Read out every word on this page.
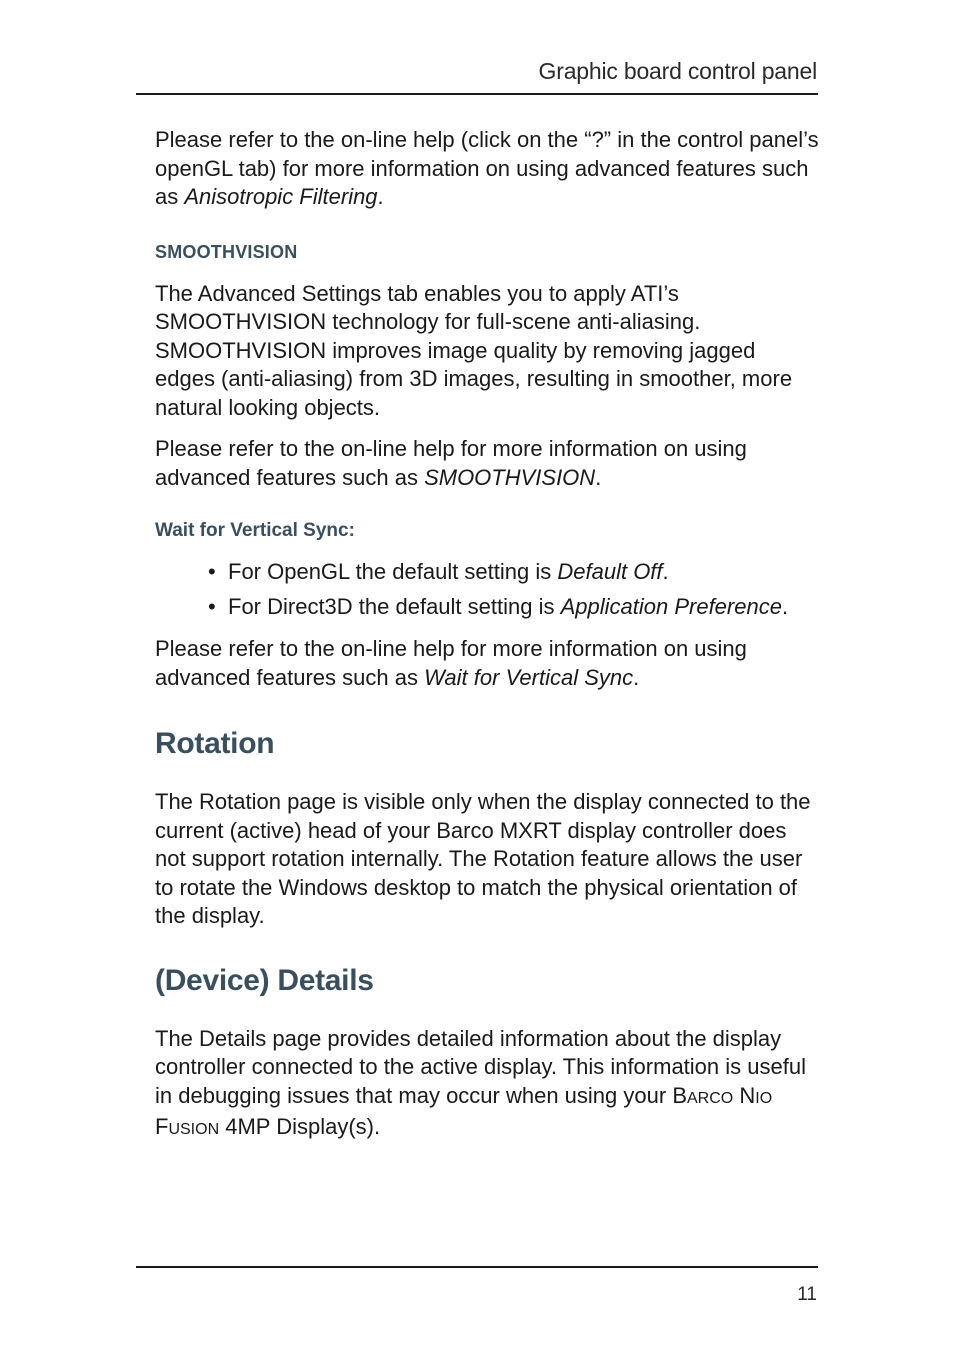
Graphic board control panel

Please refer to the on-line help (click on the “?” in the control panel’s openGL tab) for more information on using advanced features such as Anisotropic Filtering.

SMOOTHVISION

The Advanced Settings tab enables you to apply ATI’s SMOOTHVISION technology for full-scene anti-aliasing. SMOOTHVISION improves image quality by removing jagged edges (anti-aliasing) from 3D images, resulting in smoother, more natural looking objects.

Please refer to the on-line help for more information on using advanced features such as SMOOTHVISION.

Wait for Vertical Sync:
• For OpenGL the default setting is Default Off.
• For Direct3D the default setting is Application Preference.

Please refer to the on-line help for more information on using advanced features such as Wait for Vertical Sync.

Rotation

The Rotation page is visible only when the display connected to the current (active) head of your Barco MXRT display controller does not support rotation internally. The Rotation feature allows the user to rotate the Windows desktop to match the physical orientation of the display.

(Device) Details

The Details page provides detailed information about the display controller connected to the active display. This information is useful in debugging issues that may occur when using your BARCO NIO FUSION 4MP Display(s).

11
